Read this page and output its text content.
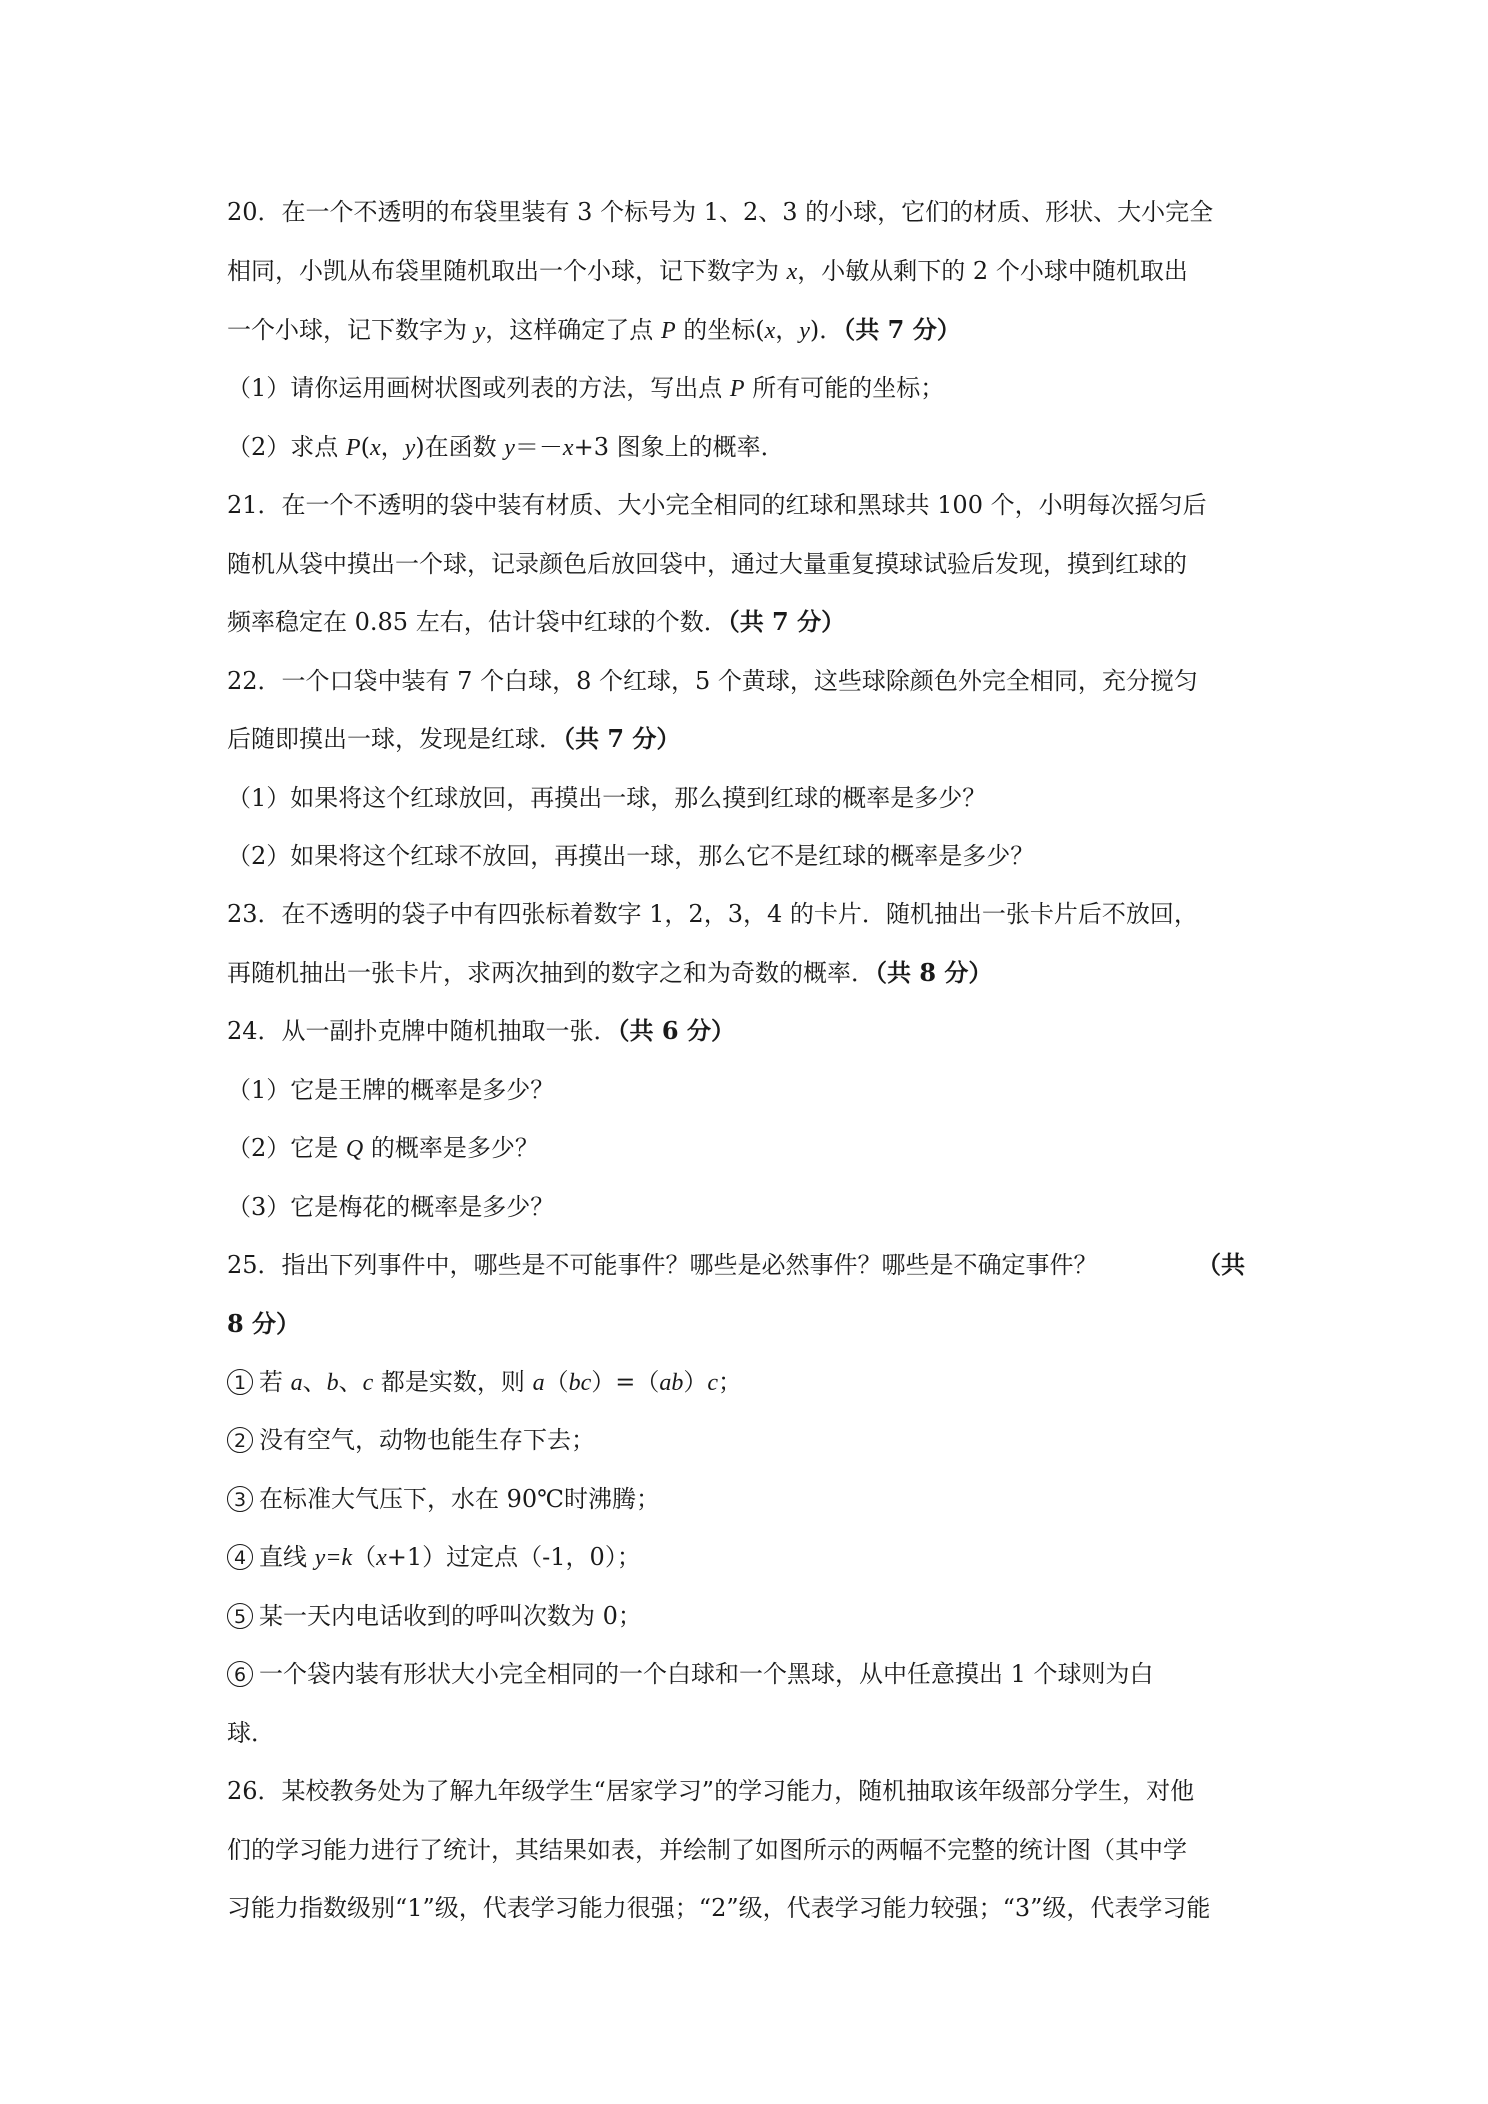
20．在一个不透明的布袋里装有 3 个标号为 1、2、3 的小球，它们的材质、形状、大小完全
相同，小凯从布袋里随机取出一个小球，记下数字为 x，小敏从剩下的 2 个小球中随机取出
一个小球，记下数字为 y，这样确定了点 P 的坐标(x，y)．（共 7 分）
（1）请你运用画树状图或列表的方法，写出点 P 所有可能的坐标；
（2）求点 P(x，y)在函数 y＝－x+3 图象上的概率．
21．在一个不透明的袋中装有材质、大小完全相同的红球和黑球共 100 个，小明每次摇匀后
随机从袋中摸出一个球，记录颜色后放回袋中，通过大量重复摸球试验后发现，摸到红球的
频率稳定在 0.85 左右，估计袋中红球的个数．（共 7 分）
22．一个口袋中装有 7 个白球，8 个红球，5 个黄球，这些球除颜色外完全相同，充分搅匀
后随即摸出一球，发现是红球．（共 7 分）
（1）如果将这个红球放回，再摸出一球，那么摸到红球的概率是多少？
（2）如果将这个红球不放回，再摸出一球，那么它不是红球的概率是多少？
23．在不透明的袋子中有四张标着数字 1，2，3，4 的卡片．随机抽出一张卡片后不放回，
再随机抽出一张卡片，求两次抽到的数字之和为奇数的概率．（共 8 分）
24．从一副扑克牌中随机抽取一张．（共 6 分）
（1）它是王牌的概率是多少？
（2）它是 Q 的概率是多少？
（3）它是梅花的概率是多少？
25．指出下列事件中，哪些是不可能事件？哪些是必然事件？哪些是不确定事件？	（共
8 分）
1 若 a、b、c 都是实数，则 a（bc）=（ab）c；
2 没有空气，动物也能生存下去；
3 在标准大气压下，水在 90℃时沸腾；
4 直线 y=k（x+1）过定点（-1，0）；
5 某一天内电话收到的呼叫次数为 0；
6 一个袋内装有形状大小完全相同的一个白球和一个黑球，从中任意摸出 1 个球则为白
球．
26．某校教务处为了解九年级学生“居家学习”的学习能力，随机抽取该年级部分学生，对他
们的学习能力进行了统计，其结果如表，并绘制了如图所示的两幅不完整的统计图（其中学
习能力指数级别“1”级，代表学习能力很强；“2”级，代表学习能力较强；“3”级，代表学习能
